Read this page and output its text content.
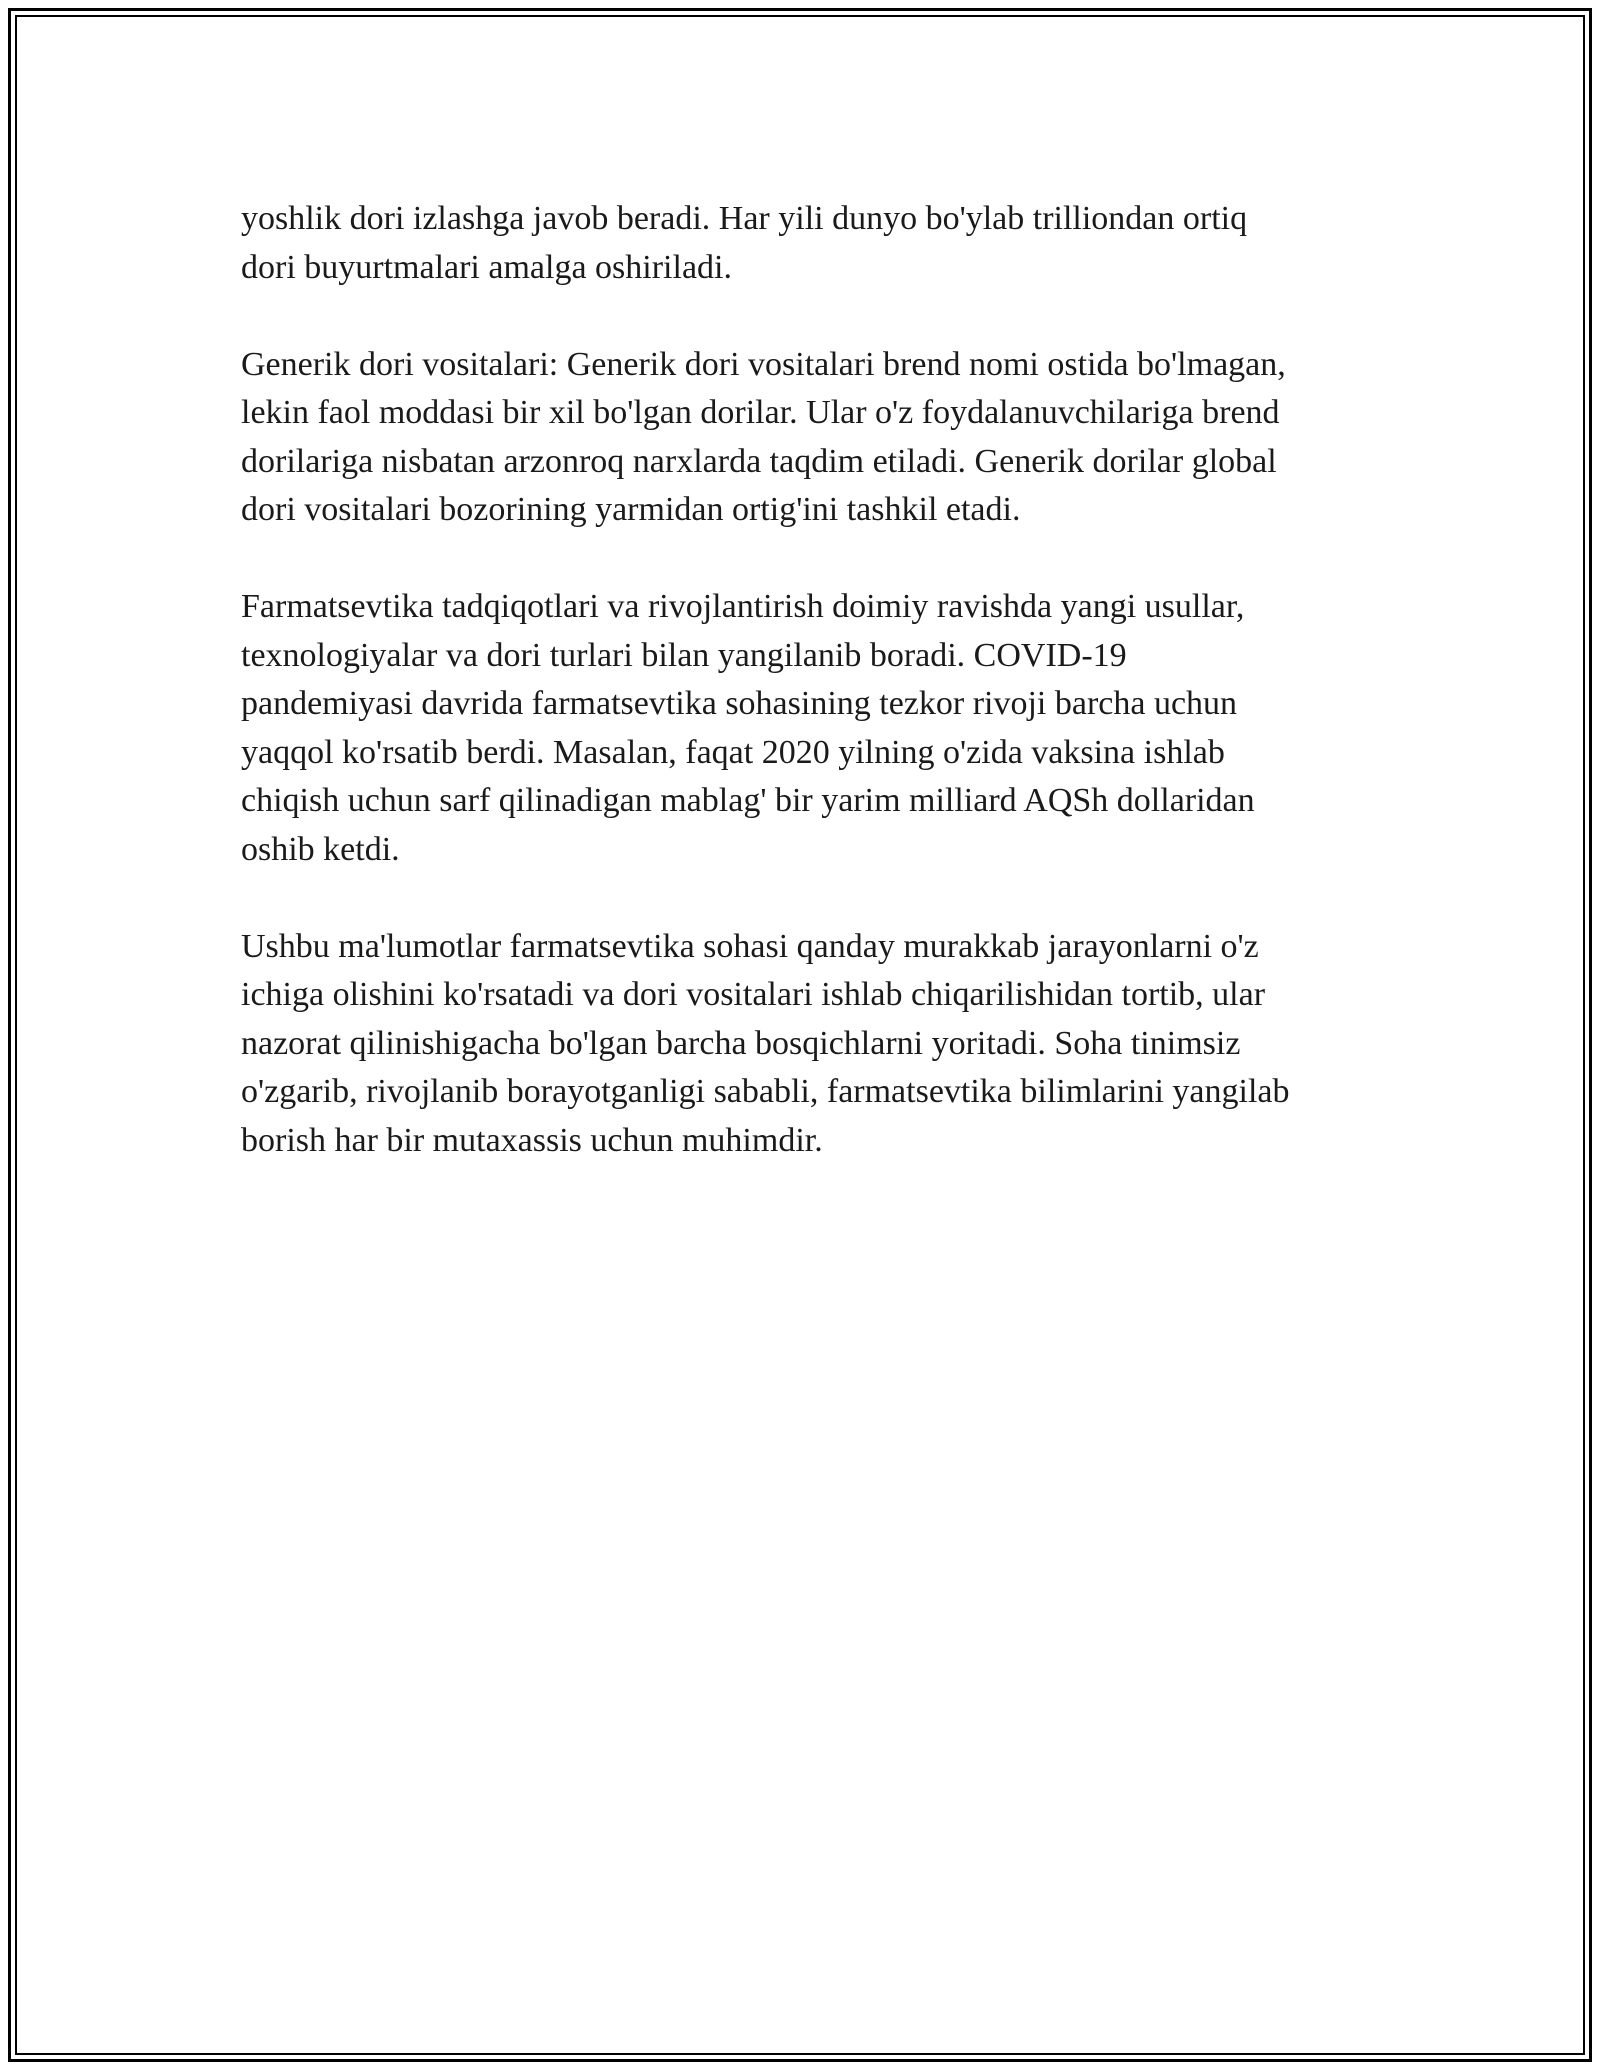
yoshlik dori izlashga javob beradi. Har yili dunyo bo'ylab trilliondan ortiq
dori buyurtmalari amalga oshiriladi.

Generik dori vositalari: Generik dori vositalari brend nomi ostida bo'lmagan,
lekin faol moddasi bir xil bo'lgan dorilar. Ular o'z foydalanuvchilariga brend
dorilariga nisbatan arzonroq narxlarda taqdim etiladi. Generik dorilar global
dori vositalari bozorining yarmidan ortig'ini tashkil etadi.

Farmatsevtika tadqiqotlari va rivojlantirish doimiy ravishda yangi usullar,
texnologiyalar va dori turlari bilan yangilanib boradi. COVID-19
pandemiyasi davrida farmatsevtika sohasining tezkor rivoji barcha uchun
yaqqol ko'rsatib berdi. Masalan, faqat 2020 yilning o'zida vaksina ishlab
chiqish uchun sarf qilinadigan mablag' bir yarim milliard AQSh dollaridan
oshib ketdi.

Ushbu ma'lumotlar farmatsevtika sohasi qanday murakkab jarayonlarni o'z
ichiga olishini ko'rsatadi va dori vositalari ishlab chiqarilishidan tortib, ular
nazorat qilinishigacha bo'lgan barcha bosqichlarni yoritadi. Soha tinimsiz
o'zgarib, rivojlanib borayotganligi sababli, farmatsevtika bilimlarini yangilab
borish har bir mutaxassis uchun muhimdir.
